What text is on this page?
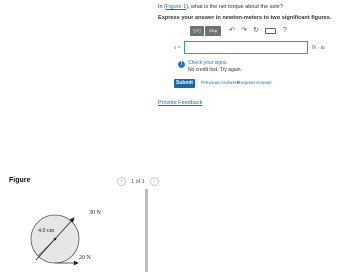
In (Figure 1), what is the net torque about the axle?
Express your answer in newton-meters to two significant figures.
▯√▯	ΑΣφ	↶ ↷ ↻	?
τ =	N · m
!	Check your signs.
No credit lost. Try again.
Submit	Previous Answers
Request Answer
Provide Feedback
Figure	‹	1 of 1	›
4.0 cm
30 N
20 N
